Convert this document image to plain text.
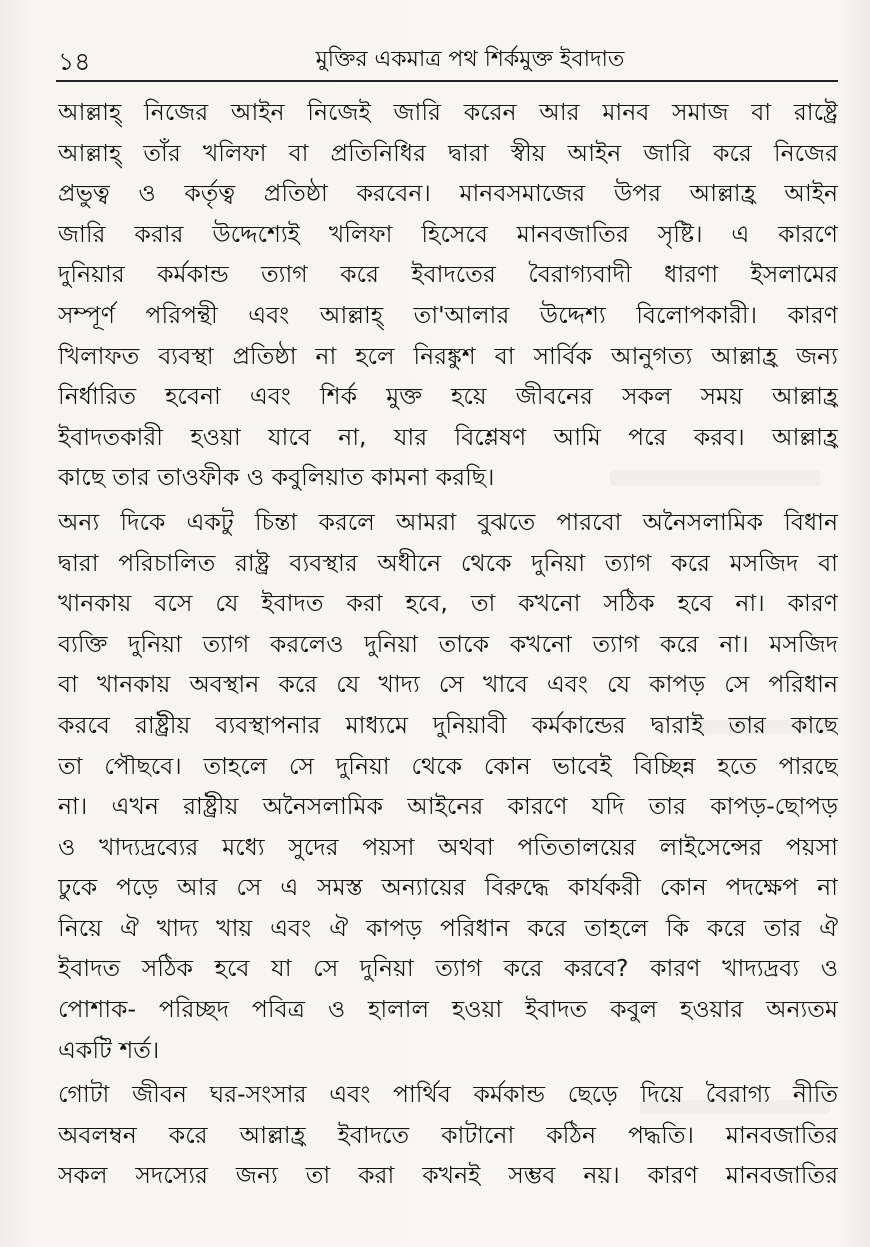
১৪	মুক্তির একমাত্র পথ শির্কমুক্ত ইবাদাত
আল্লাহ্ নিজের আইন নিজেই জারি করেন আর মানব সমাজ বা রাষ্ট্রে
আল্লাহ্ তাঁর খলিফা বা প্রতিনিধির দ্বারা স্বীয় আইন জারি করে নিজের
প্রভুত্ব ও কর্তৃত্ব প্রতিষ্ঠা করবেন। মানবসমাজের উপর আল্লাহ্র আইন
জারি করার উদ্দেশ্যেই খলিফা হিসেবে মানবজাতির সৃষ্টি। এ কারণে
দুনিয়ার কর্মকান্ড ত্যাগ করে ইবাদতের বৈরাগ্যবাদী ধারণা ইসলামের
সম্পূর্ণ পরিপন্থী এবং আল্লাহ্ তা'আলার উদ্দেশ্য বিলোপকারী। কারণ
খিলাফত ব্যবস্থা প্রতিষ্ঠা না হলে নিরঙ্কুশ বা সার্বিক আনুগত্য আল্লাহ্র জন্য
নির্ধারিত হবেনা এবং শির্ক মুক্ত হয়ে জীবনের সকল সময় আল্লাহ্র
ইবাদতকারী হওয়া যাবে না, যার বিশ্লেষণ আমি পরে করব। আল্লাহ্র
কাছে তার তাওফীক ও কবুলিয়াত কামনা করছি।
অন্য দিকে একটু চিন্তা করলে আমরা বুঝতে পারবো অনৈসলামিক বিধান
দ্বারা পরিচালিত রাষ্ট্র ব্যবস্থার অধীনে থেকে দুনিয়া ত্যাগ করে মসজিদ বা
খানকায় বসে যে ইবাদত করা হবে, তা কখনো সঠিক হবে না। কারণ
ব্যক্তি দুনিয়া ত্যাগ করলেও দুনিয়া তাকে কখনো ত্যাগ করে না। মসজিদ
বা খানকায় অবস্থান করে যে খাদ্য সে খাবে এবং যে কাপড় সে পরিধান
করবে রাষ্ট্রীয় ব্যবস্থাপনার মাধ্যমে দুনিয়াবী কর্মকান্ডের দ্বারাই তার কাছে
তা পৌছবে। তাহলে সে দুনিয়া থেকে কোন ভাবেই বিচ্ছিন্ন হতে পারছে
না। এখন রাষ্ট্রীয় অনৈসলামিক আইনের কারণে যদি তার কাপড়-ছোপড়
ও খাদ্যদ্রব্যের মধ্যে সুদের পয়সা অথবা পতিতালয়ের লাইসেন্সের পয়সা
ঢুকে পড়ে আর সে এ সমস্ত অন্যায়ের বিরুদ্ধে কার্যকরী কোন পদক্ষেপ না
নিয়ে ঐ খাদ্য খায় এবং ঐ কাপড় পরিধান করে তাহলে কি করে তার ঐ
ইবাদত সঠিক হবে যা সে দুনিয়া ত্যাগ করে করবে? কারণ খাদ্যদ্রব্য ও
পোশাক- পরিচ্ছদ পবিত্র ও হালাল হওয়া ইবাদত কবুল হওয়ার অন্যতম
একটি শর্ত।
গোটা জীবন ঘর-সংসার এবং পার্থিব কর্মকান্ড ছেড়ে দিয়ে বৈরাগ্য নীতি
অবলম্বন করে আল্লাহ্র ইবাদতে কাটানো কঠিন পদ্ধতি। মানবজাতির
সকল সদস্যের জন্য তা করা কখনই সম্ভব নয়। কারণ মানবজাতির
